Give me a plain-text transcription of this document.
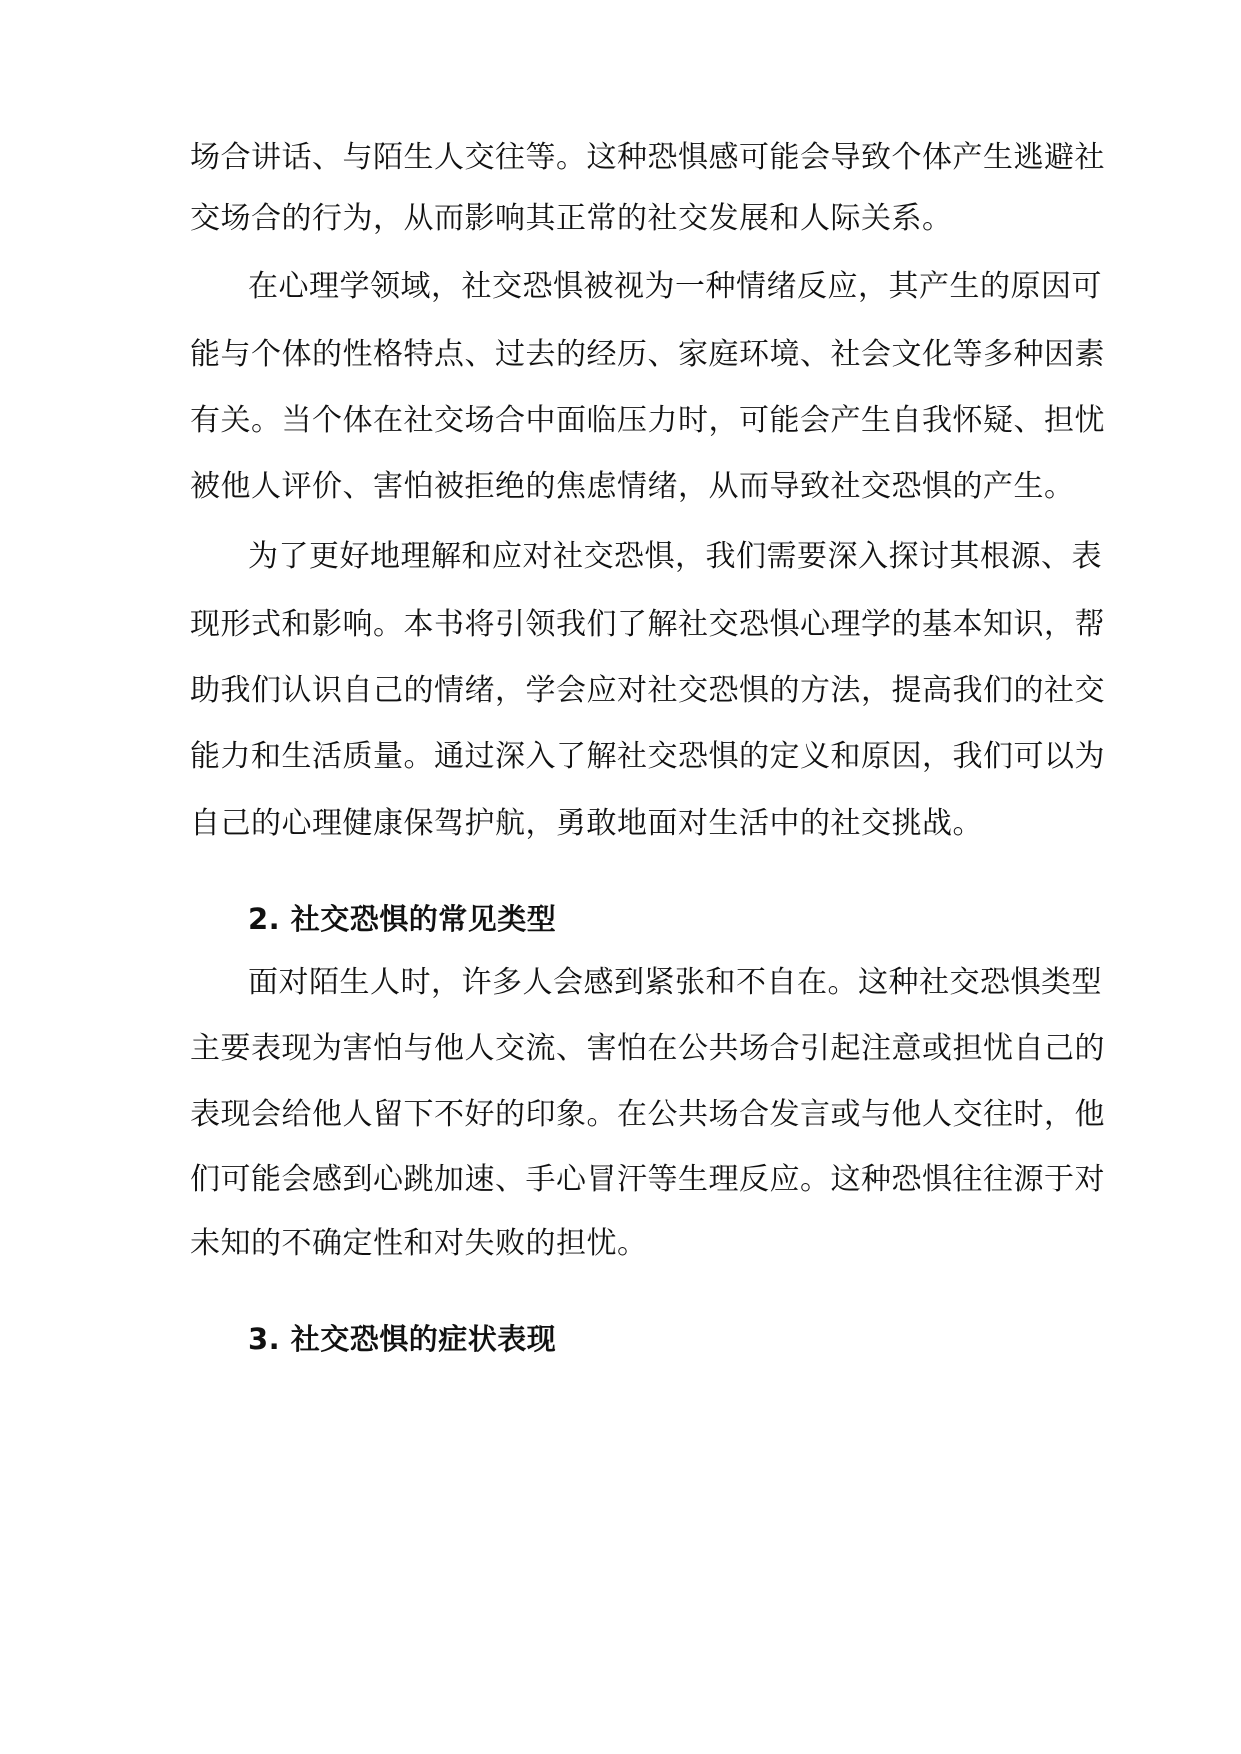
场合讲话、与陌生人交往等。这种恐惧感可能会导致个体产生逃避社
交场合的行为，从而影响其正常的社交发展和人际关系。
在心理学领域，社交恐惧被视为一种情绪反应，其产生的原因可
能与个体的性格特点、过去的经历、家庭环境、社会文化等多种因素
有关。当个体在社交场合中面临压力时，可能会产生自我怀疑、担忧
被他人评价、害怕被拒绝的焦虑情绪，从而导致社交恐惧的产生。
为了更好地理解和应对社交恐惧，我们需要深入探讨其根源、表
现形式和影响。本书将引领我们了解社交恐惧心理学的基本知识，帮
助我们认识自己的情绪，学会应对社交恐惧的方法，提高我们的社交
能力和生活质量。通过深入了解社交恐惧的定义和原因，我们可以为
自己的心理健康保驾护航，勇敢地面对生活中的社交挑战。
2. 社交恐惧的常见类型
面对陌生人时，许多人会感到紧张和不自在。这种社交恐惧类型
主要表现为害怕与他人交流、害怕在公共场合引起注意或担忧自己的
表现会给他人留下不好的印象。在公共场合发言或与他人交往时，他
们可能会感到心跳加速、手心冒汗等生理反应。这种恐惧往往源于对
未知的不确定性和对失败的担忧。
3. 社交恐惧的症状表现
